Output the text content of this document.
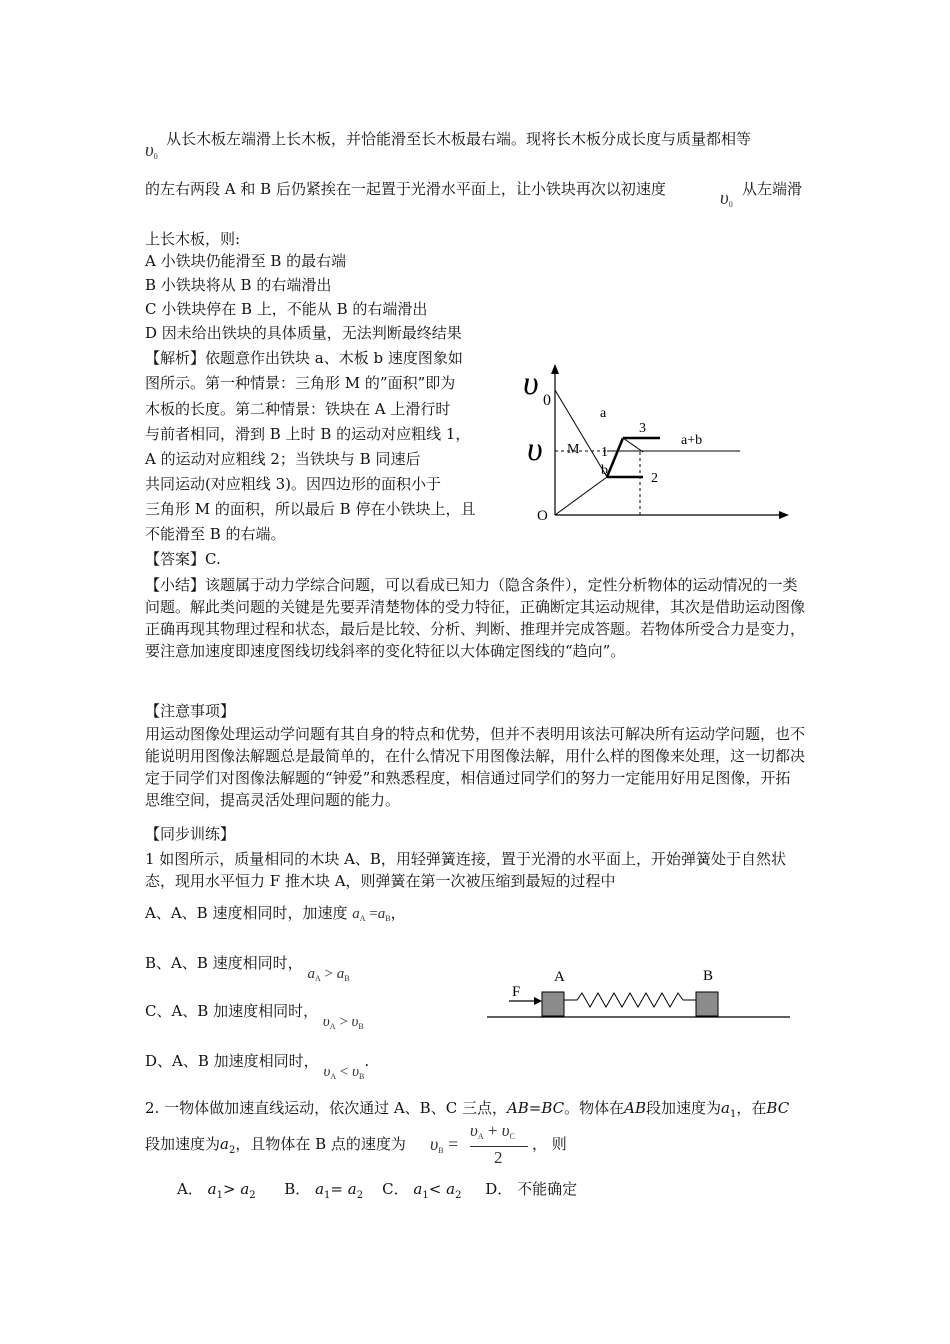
$\upsilon_0$
从长木板左端滑上长木板，并恰能滑至长木板最右端。现将长木板分成长度与质量都相等
的左右两段 A 和 B 后仍紧挨在一起置于光滑水平面上，让小铁块再次以初速度	$\upsilon_0$
从左端滑
上长木板，则:
A 小铁块仍能滑至 B 的最右端
B 小铁块将从 B 的右端滑出
C 小铁块停在 B 上，不能从 B 的右端滑出
D 因未给出铁块的具体质量，无法判断最终结果
【解析】依题意作出铁块 a、木板 b 速度图象如
图所示。第一种情景：三角形 M 的”面积”即为
木板的长度。第二种情景：铁块在 A 上滑行时
与前者相同，滑到 B 上时 B 的运动对应粗线 1，
A 的运动对应粗线 2；当铁块与 B 同速后
共同运动(对应粗线 3)。因四边形的面积小于
三角形 M 的面积，所以最后 B 停在小铁块上，且
不能滑至 B 的右端。
【答案】C.
υ 0
υ
O
a
M 1
b
2
3
a+b
【小结】该题属于动力学综合问题，可以看成已知力（隐含条件），定性分析物体的运动情况的一类问题。解此类问题的关键是先要弄清楚物体的受力特征，正确断定其运动规律，其次是借助运动图像正确再现其物理过程和状态，最后是比较、分析、判断、推理并完成答题。若物体所受合力是变力，要注意加速度即速度图线切线斜率的变化特征以大体确定图线的“趋向”。
【注意事项】
用运动图像处理运动学问题有其自身的特点和优势，但并不表明用该法可解决所有运动学问题，也不能说明用图像法解题总是最简单的，在什么情况下用图像法解，用什么样的图像来处理，这一切都决定于同学们对图像法解题的“钟爱”和熟悉程度，相信通过同学们的努力一定能用好用足图像，开拓思维空间，提高灵活处理问题的能力。
【同步训练】
1 如图所示，质量相同的木块 A、B，用轻弹簧连接，置于光滑的水平面上，开始弹簧处于自然状态，现用水平恒力 F 推木块 A，则弹簧在第一次被压缩到最短的过程中
A、A、B 速度相同时，加速度 $a_A =a_B$，
B、A、B 速度相同时， $a_A > a_B$
C、A、B 加速度相同时， $\upsilon_A > \upsilon_B$
D、A、B 加速度相同时， $\upsilon_A < \upsilon_B$.
F
A	B
2. 一物体做加速直线运动，依次通过 A、B、C 三点，AB=BC。物体在AB段加速度为$a_1$，在BC
段加速度为$a_2$，且物体在 B 点的速度为 $\upsilon_B$ =
$\upsilon_A + \upsilon_C$
2
， 则
A． $a_1> a_2$ B． $a_1= a_2$ C． $a_1< a_2$ D． 不能确定
